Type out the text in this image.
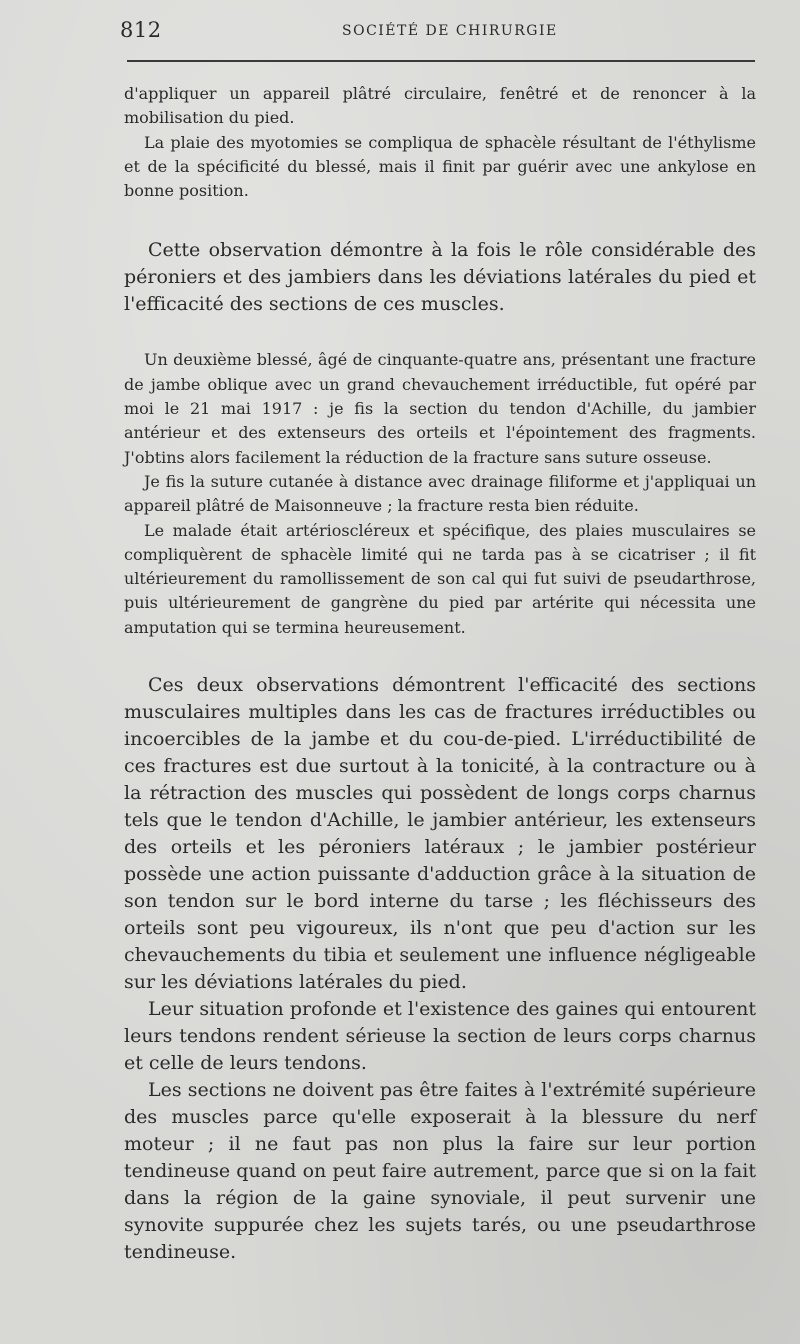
812	SOCIÉTÉ DE CHIRURGIE

d'appliquer un appareil plâtré circulaire, fenêtré et de renoncer à la mobilisation du pied.

La plaie des myotomies se compliqua de sphacèle résultant de l'éthylisme et de la spécificité du blessé, mais il finit par guérir avec une ankylose en bonne position.

Cette observation démontre à la fois le rôle considérable des péroniers et des jambiers dans les déviations latérales du pied et l'efficacité des sections de ces muscles.

Un deuxième blessé, âgé de cinquante-quatre ans, présentant une fracture de jambe oblique avec un grand chevauchement irréductible, fut opéré par moi le 21 mai 1917 : je fis la section du tendon d'Achille, du jambier antérieur et des extenseurs des orteils et l'épointement des fragments. J'obtins alors facilement la réduction de la fracture sans suture osseuse.

Je fis la suture cutanée à distance avec drainage filiforme et j'appliquai un appareil plâtré de Maisonneuve ; la fracture resta bien réduite.

Le malade était artérioscléreux et spécifique, des plaies musculaires se compliquèrent de sphacèle limité qui ne tarda pas à se cicatriser ; il fit ultérieurement du ramollissement de son cal qui fut suivi de pseudarthrose, puis ultérieurement de gangrène du pied par artérite qui nécessita une amputation qui se termina heureusement.

Ces deux observations démontrent l'efficacité des sections musculaires multiples dans les cas de fractures irréductibles ou incoercibles de la jambe et du cou-de-pied. L'irréductibilité de ces fractures est due surtout à la tonicité, à la contracture ou à la rétraction des muscles qui possèdent de longs corps charnus tels que le tendon d'Achille, le jambier antérieur, les extenseurs des orteils et les péroniers latéraux ; le jambier postérieur possède une action puissante d'adduction grâce à la situation de son tendon sur le bord interne du tarse ; les fléchisseurs des orteils sont peu vigoureux, ils n'ont que peu d'action sur les chevauchements du tibia et seulement une influence négligeable sur les déviations latérales du pied.

Leur situation profonde et l'existence des gaines qui entourent leurs tendons rendent sérieuse la section de leurs corps charnus et celle de leurs tendons.

Les sections ne doivent pas être faites à l'extrémité supérieure des muscles parce qu'elle exposerait à la blessure du nerf moteur ; il ne faut pas non plus la faire sur leur portion tendineuse quand on peut faire autrement, parce que si on la fait dans la région de la gaine synoviale, il peut survenir une synovite suppurée chez les sujets tarés, ou une pseudarthrose tendineuse.
